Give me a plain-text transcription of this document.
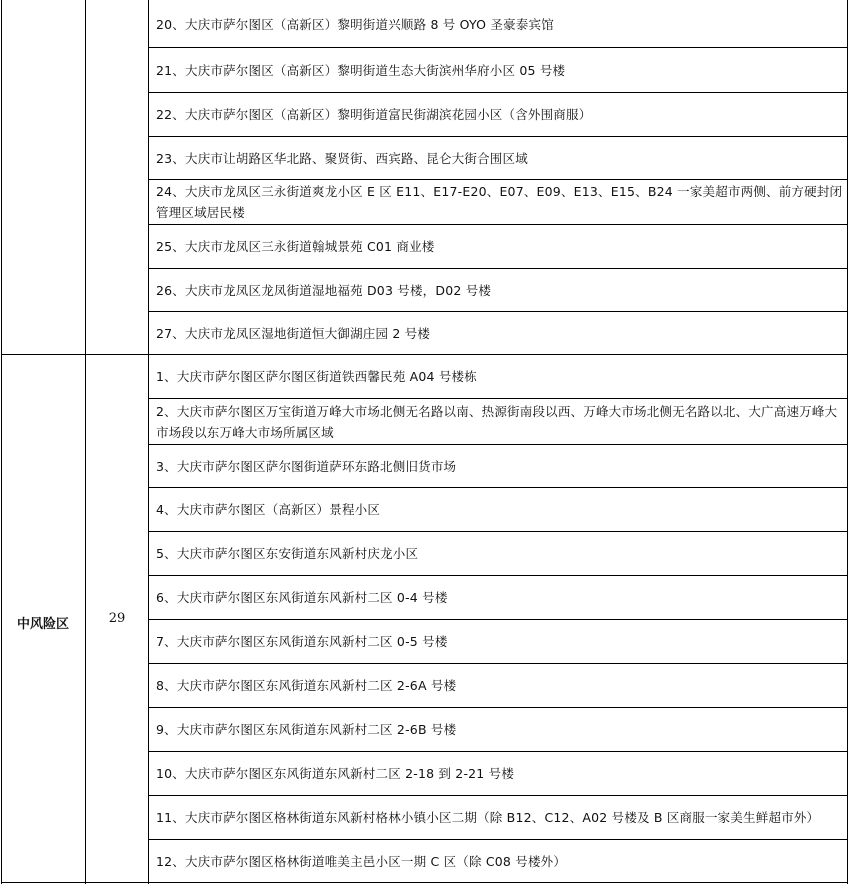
20、大庆市萨尔图区（高新区）黎明街道兴顺路 8 号 OYO 圣豪泰宾馆
21、大庆市萨尔图区（高新区）黎明街道生态大街滨州华府小区 05 号楼
22、大庆市萨尔图区（高新区）黎明街道富民街湖滨花园小区（含外围商服）
23、大庆市让胡路区华北路、聚贤街、西宾路、昆仑大街合围区域
24、大庆市龙凤区三永街道爽龙小区 E 区 E11、E17-E20、E07、E09、E13、E15、B24 一家美超市两侧、前方硬封闭管理区域居民楼
25、大庆市龙凤区三永街道翰城景苑 C01 商业楼
26、大庆市龙凤区龙凤街道湿地福苑 D03 号楼，D02 号楼
27、大庆市龙凤区湿地街道恒大御湖庄园 2 号楼
中风险区	29
1、大庆市萨尔图区萨尔图区街道铁西馨民苑 A04 号楼栋
2、大庆市萨尔图区万宝街道万峰大市场北侧无名路以南、热源街南段以西、万峰大市场北侧无名路以北、大广高速万峰大市场段以东万峰大市场所属区域
3、大庆市萨尔图区萨尔图街道萨环东路北侧旧货市场
4、大庆市萨尔图区（高新区）景程小区
5、大庆市萨尔图区东安街道东风新村庆龙小区
6、大庆市萨尔图区东风街道东风新村二区 0-4 号楼
7、大庆市萨尔图区东风街道东风新村二区 0-5 号楼
8、大庆市萨尔图区东风街道东风新村二区 2-6A 号楼
9、大庆市萨尔图区东风街道东风新村二区 2-6B 号楼
10、大庆市萨尔图区东风街道东风新村二区 2-18 到 2-21 号楼
11、大庆市萨尔图区格林街道东风新村格林小镇小区二期（除 B12、C12、A02 号楼及 B 区商服一家美生鲜超市外）
12、大庆市萨尔图区格林街道唯美主邑小区一期 C 区（除 C08 号楼外）
